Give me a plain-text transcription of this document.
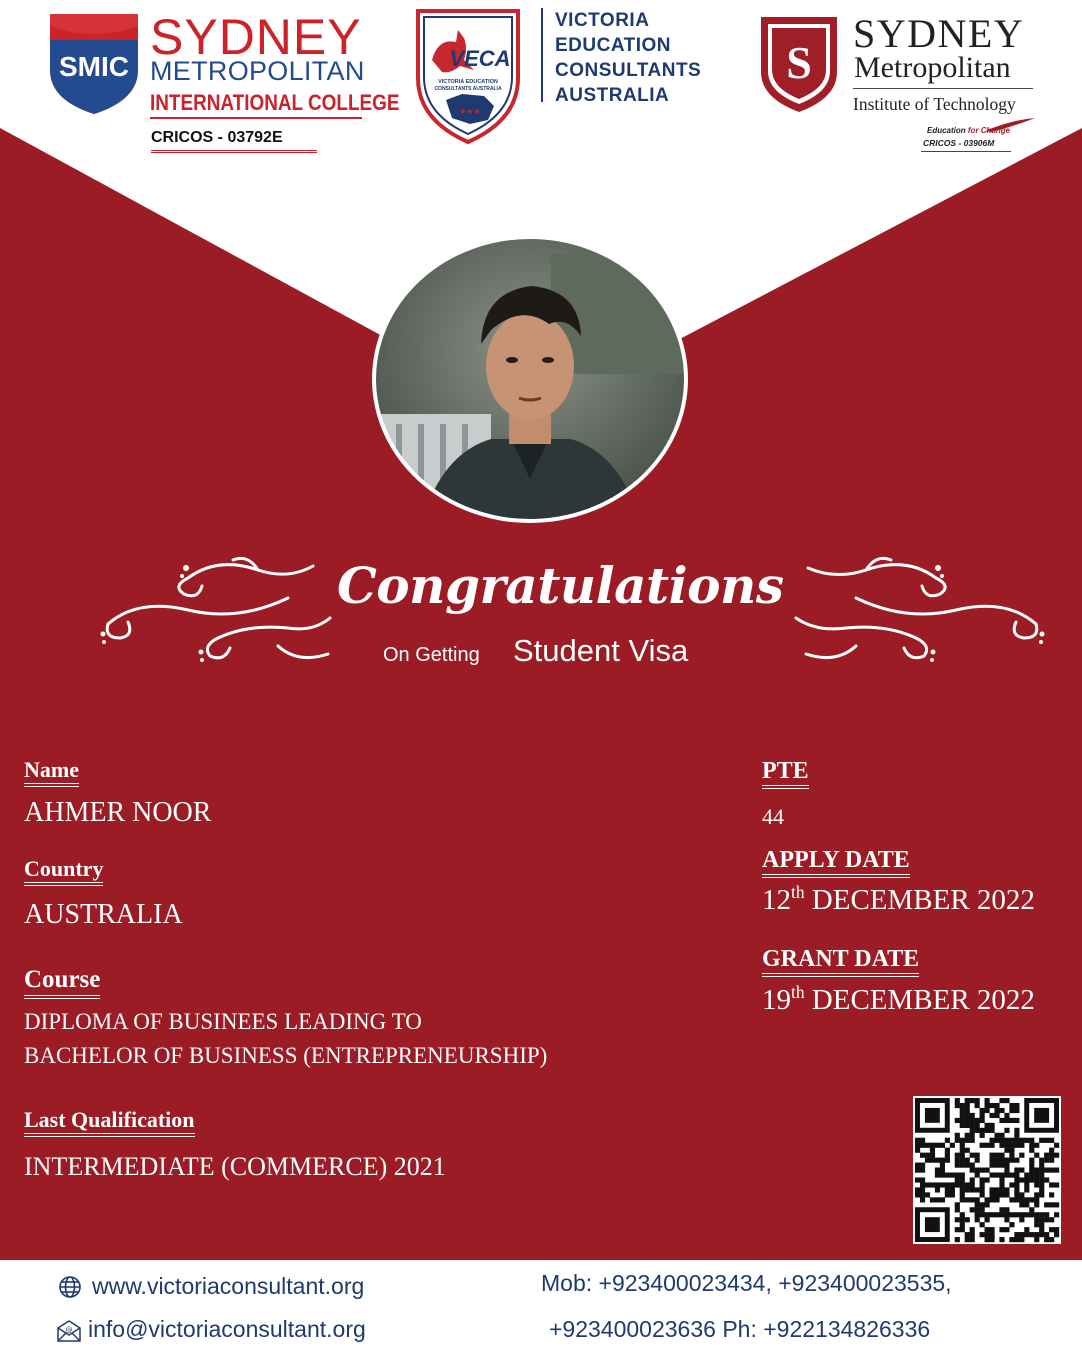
SMIC
SYDNEY
METROPOLITAN
INTERNATIONAL COLLEGE
CRICOS - 03792E
VECA
VICTORIA EDUCATION
CONSULTANTS AUSTRALIA
★★★
VICTORIA
EDUCATION
CONSULTANTS
AUSTRALIA
S
SYDNEY
Metropolitan
Institute of Technology
Education for Change
CRICOS - 03906M
Congratulations
On Getting Student Visa
Name
AHMER NOOR
Country
AUSTRALIA
Course
DIPLOMA OF BUSINEES LEADING TO
BACHELOR OF BUSINESS (ENTREPRENEURSHIP)
Last Qualification
INTERMEDIATE (COMMERCE) 2021
PTE
44
APPLY DATE
12th DECEMBER 2022
GRANT DATE
19th DECEMBER 2022
www.victoriaconsultant.org
@ info@victoriaconsultant.org
Mob: +923400023434, +923400023535,
+923400023636 Ph: +922134826336
